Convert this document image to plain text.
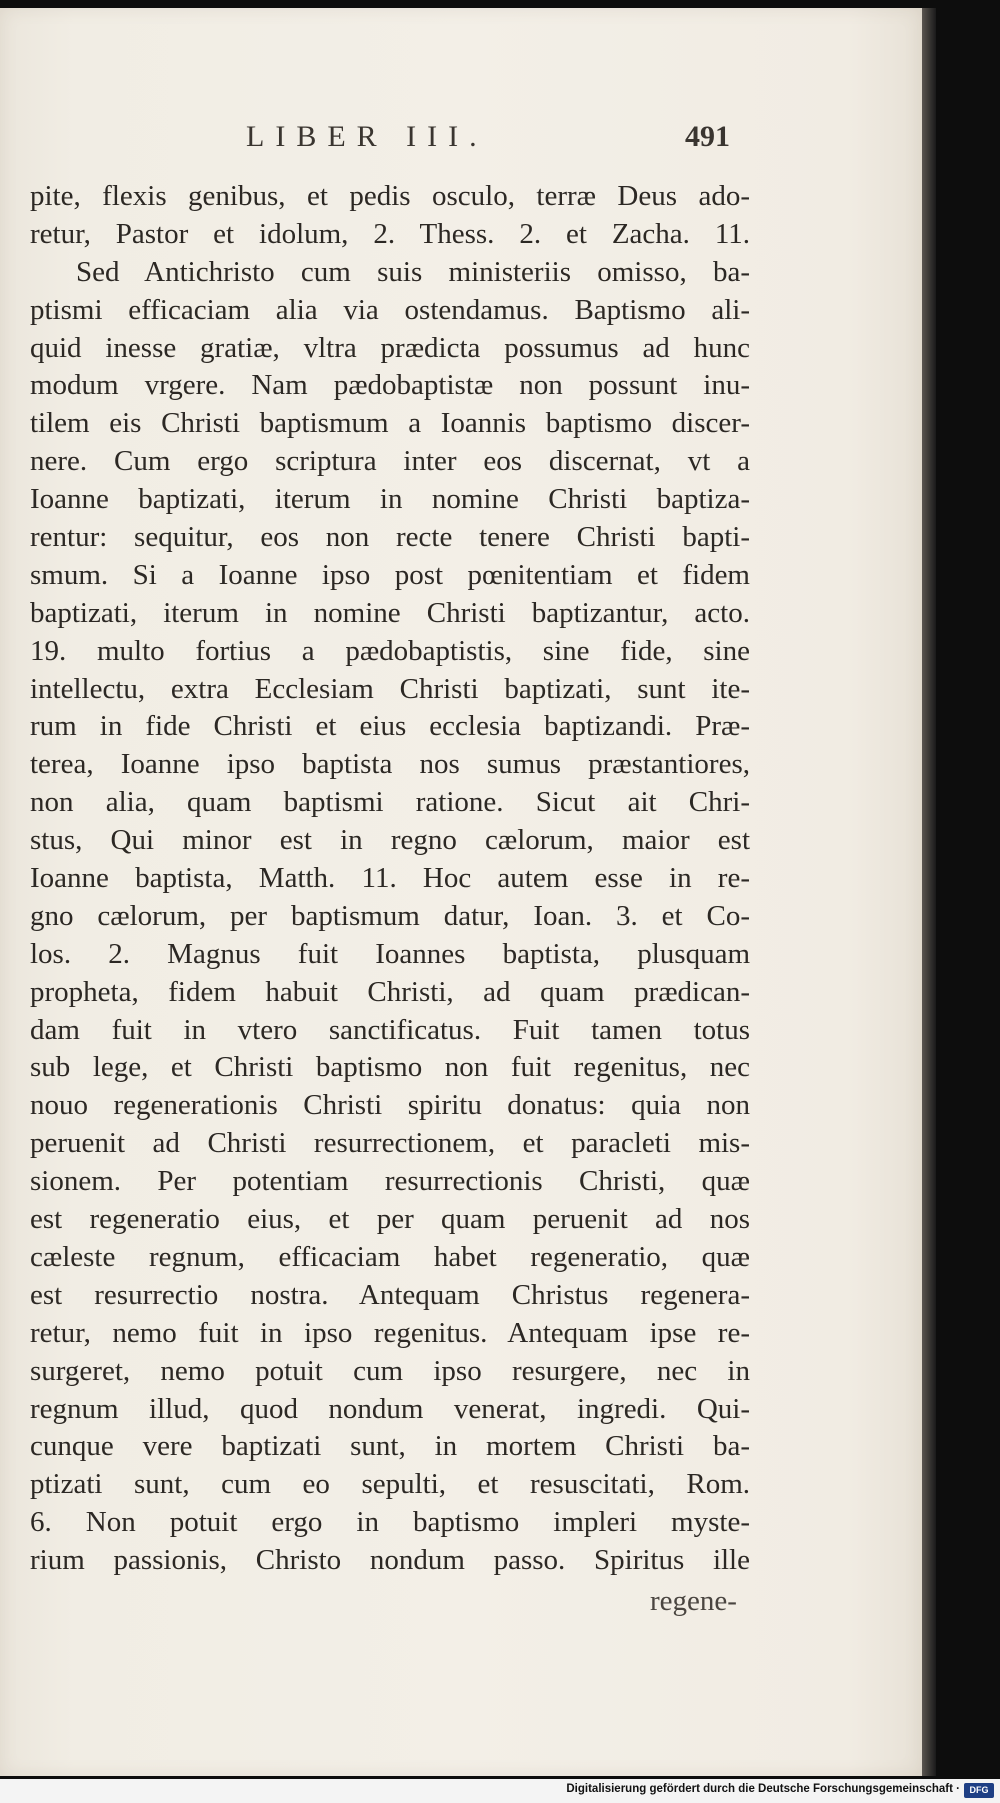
LIBER III.	491
pite, flexis genibus, et pedis osculo, terræ Deus ado-
retur, Pastor et idolum, 2. Thess. 2. et Zacha. 11.
Sed Antichristo cum suis ministeriis omisso, ba-
ptismi efficaciam alia via ostendamus. Baptismo ali-
quid inesse gratiæ, vltra prædicta possumus ad hunc
modum vrgere. Nam pædobaptistæ non possunt inu-
tilem eis Christi baptismum a Ioannis baptismo discer-
nere. Cum ergo scriptura inter eos discernat, vt a
Ioanne baptizati, iterum in nomine Christi baptiza-
rentur: sequitur, eos non recte tenere Christi bapti-
smum. Si a Ioanne ipso post pœnitentiam et fidem
baptizati, iterum in nomine Christi baptizantur, acto.
19. multo fortius a pædobaptistis, sine fide, sine
intellectu, extra Ecclesiam Christi baptizati, sunt ite-
rum in fide Christi et eius ecclesia baptizandi. Præ-
terea, Ioanne ipso baptista nos sumus præstantiores,
non alia, quam baptismi ratione. Sicut ait Chri-
stus, Qui minor est in regno cælorum, maior est
Ioanne baptista, Matth. 11. Hoc autem esse in re-
gno cælorum, per baptismum datur, Ioan. 3. et Co-
los. 2. Magnus fuit Ioannes baptista, plusquam
propheta, fidem habuit Christi, ad quam prædican-
dam fuit in vtero sanctificatus. Fuit tamen totus
sub lege, et Christi baptismo non fuit regenitus, nec
nouo regenerationis Christi spiritu donatus: quia non
peruenit ad Christi resurrectionem, et paracleti mis-
sionem. Per potentiam resurrectionis Christi, quæ
est regeneratio eius, et per quam peruenit ad nos
cæleste regnum, efficaciam habet regeneratio, quæ
est resurrectio nostra. Antequam Christus regenera-
retur, nemo fuit in ipso regenitus. Antequam ipse re-
surgeret, nemo potuit cum ipso resurgere, nec in
regnum illud, quod nondum venerat, ingredi. Qui-
cunque vere baptizati sunt, in mortem Christi ba-
ptizati sunt, cum eo sepulti, et resuscitati, Rom.
6. Non potuit ergo in baptismo impleri myste-
rium passionis, Christo nondum passo. Spiritus ille
regene-
Digitalisierung gefördert durch die Deutsche Forschungsgemeinschaft ·	DFG
